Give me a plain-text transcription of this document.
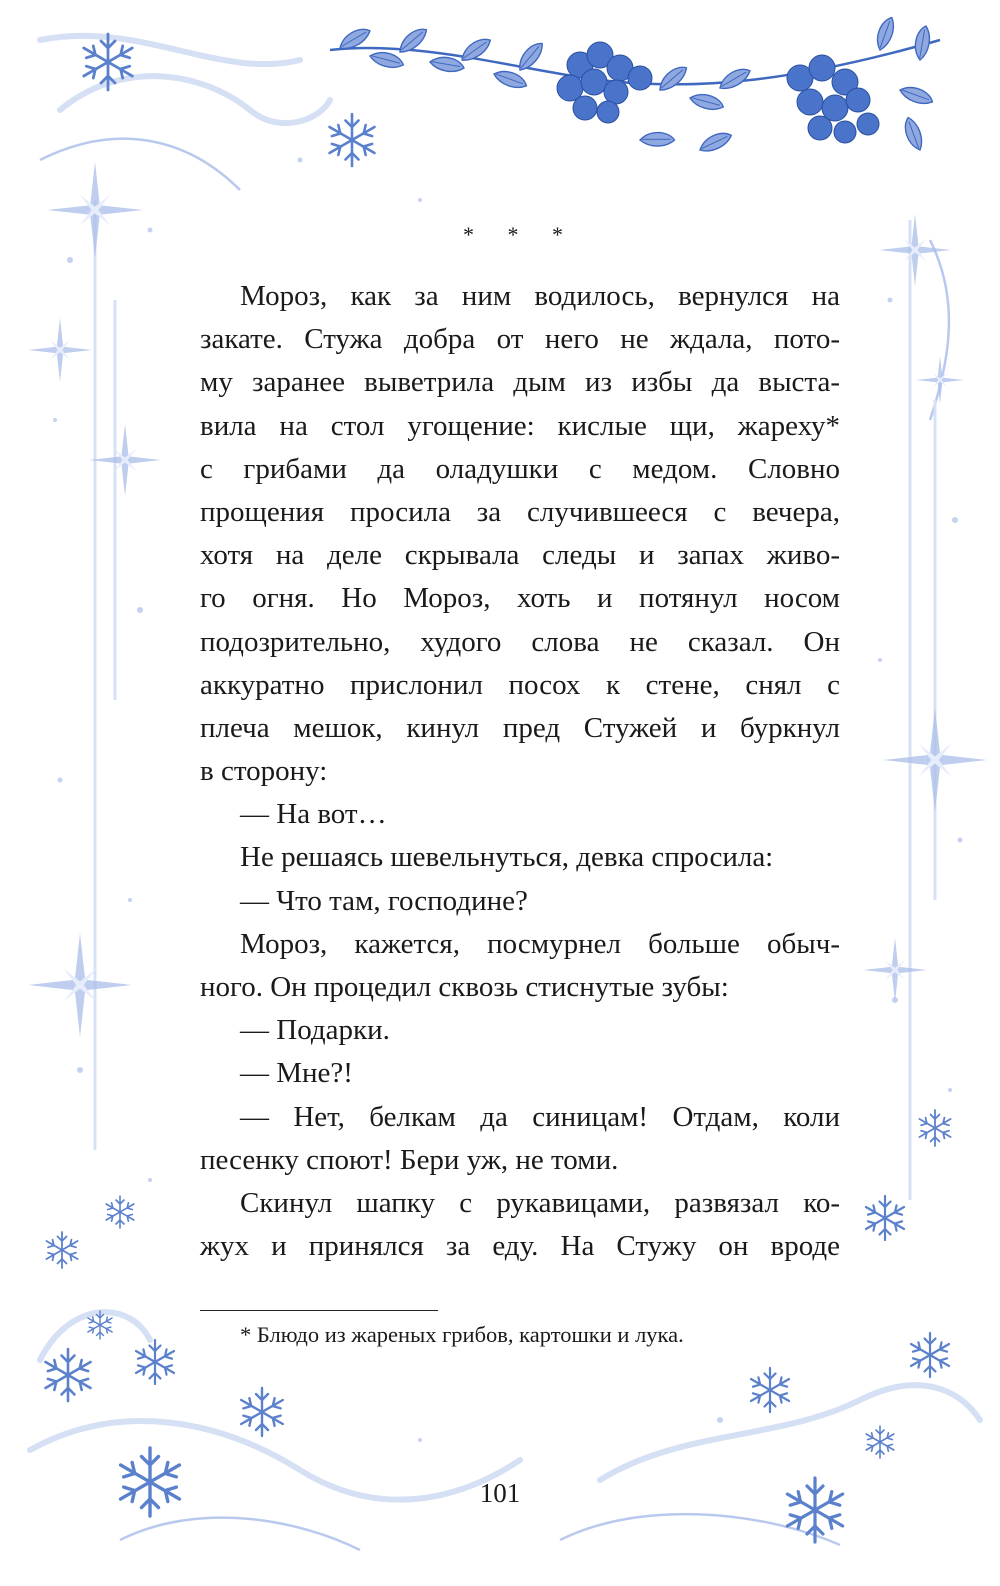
* * *
Мороз, как за ним водилось, вернулся на
закате. Стужа добра от него не ждала, пото-
му заранее выветрила дым из избы да выста-
вила на стол угощение: кислые щи, жареху*
с грибами да оладушки с медом. Словно
прощения просила за случившееся с вечера,
хотя на деле скрывала следы и запах живо-
го огня. Но Мороз, хоть и потянул носом
подозрительно, худого слова не сказал. Он
аккуратно прислонил посох к стене, снял с
плеча мешок, кинул пред Стужей и буркнул
в сторону:
— На вот…
Не решаясь шевельнуться, девка спросила:
— Что там, господине?
Мороз, кажется, посмурнел больше обыч-
ного. Он процедил сквозь стиснутые зубы:
— Подарки.
— Мне?!
— Нет, белкам да синицам! Отдам, коли
песенку споют! Бери уж, не томи.
Скинул шапку с рукавицами, развязал ко-
жух и принялся за еду. На Стужу он вроде
* Блюдо из жареных грибов, картошки и лука.
101
